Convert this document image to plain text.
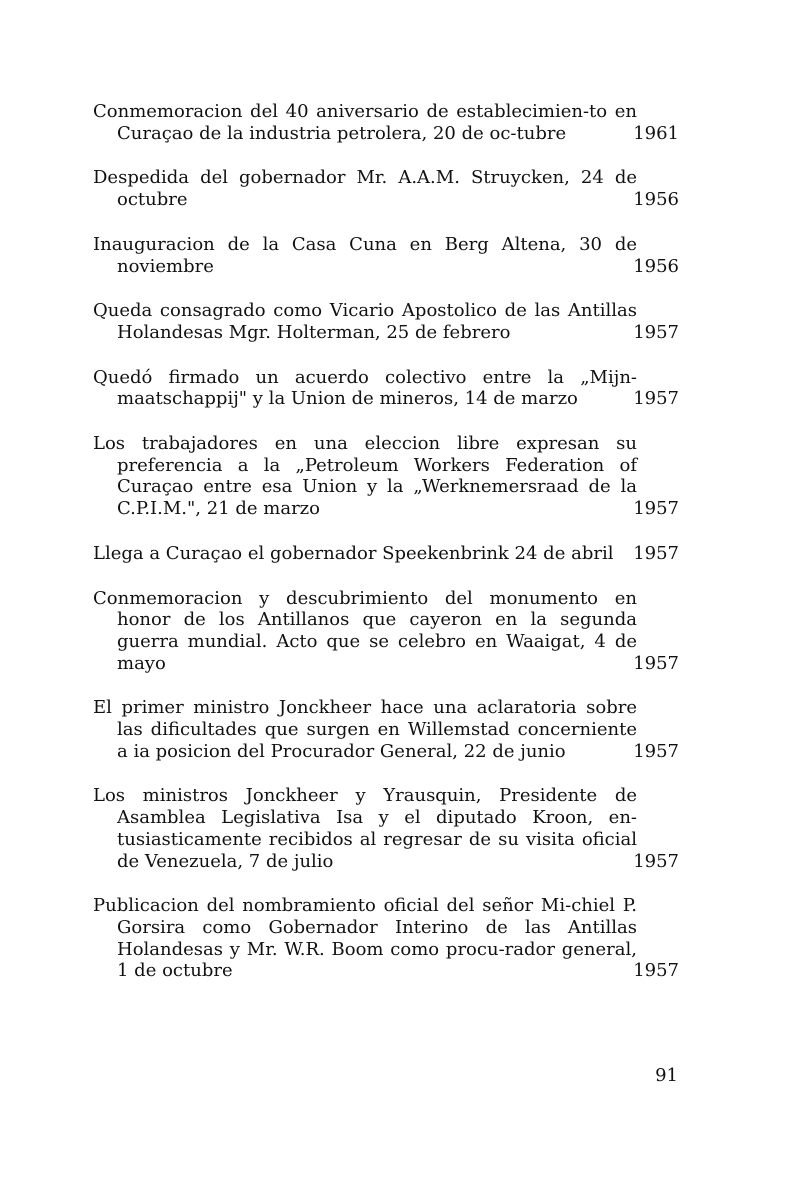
Conmemoracion del 40 aniversario de establecimien-to en Curaçao de la industria petrolera, 20 de oc-tubre	1961
Despedida del gobernador Mr. A.A.M. Struycken, 24 de octubre	1956
Inauguracion de la Casa Cuna en Berg Altena, 30 de noviembre	1956
Queda consagrado como Vicario Apostolico de las Antillas Holandesas Mgr. Holterman, 25 de febrero	1957
Quedó firmado un acuerdo colectivo entre la „Mijn-maatschappij" y la Union de mineros, 14 de marzo	1957
Los trabajadores en una eleccion libre expresan su preferencia a la „Petroleum Workers Federation of Curaçao entre esa Union y la „Werknemersraad de la C.P.I.M.", 21 de marzo	1957
Llega a Curaçao el gobernador Speekenbrink 24 de abril	1957
Conmemoracion y descubrimiento del monumento en honor de los Antillanos que cayeron en la segunda guerra mundial. Acto que se celebro en Waaigat, 4 de mayo	1957
El primer ministro Jonckheer hace una aclaratoria sobre las dificultades que surgen en Willemstad concerniente a ia posicion del Procurador General, 22 de junio	1957
Los ministros Jonckheer y Yrausquin, Presidente de Asamblea Legislativa Isa y el diputado Kroon, en-tusiasticamente recibidos al regresar de su visita oficial de Venezuela, 7 de julio	1957
Publicacion del nombramiento oficial del señor Mi-chiel P. Gorsira como Gobernador Interino de las Antillas Holandesas y Mr. W.R. Boom como procu-rador general, 1 de octubre	1957
91
